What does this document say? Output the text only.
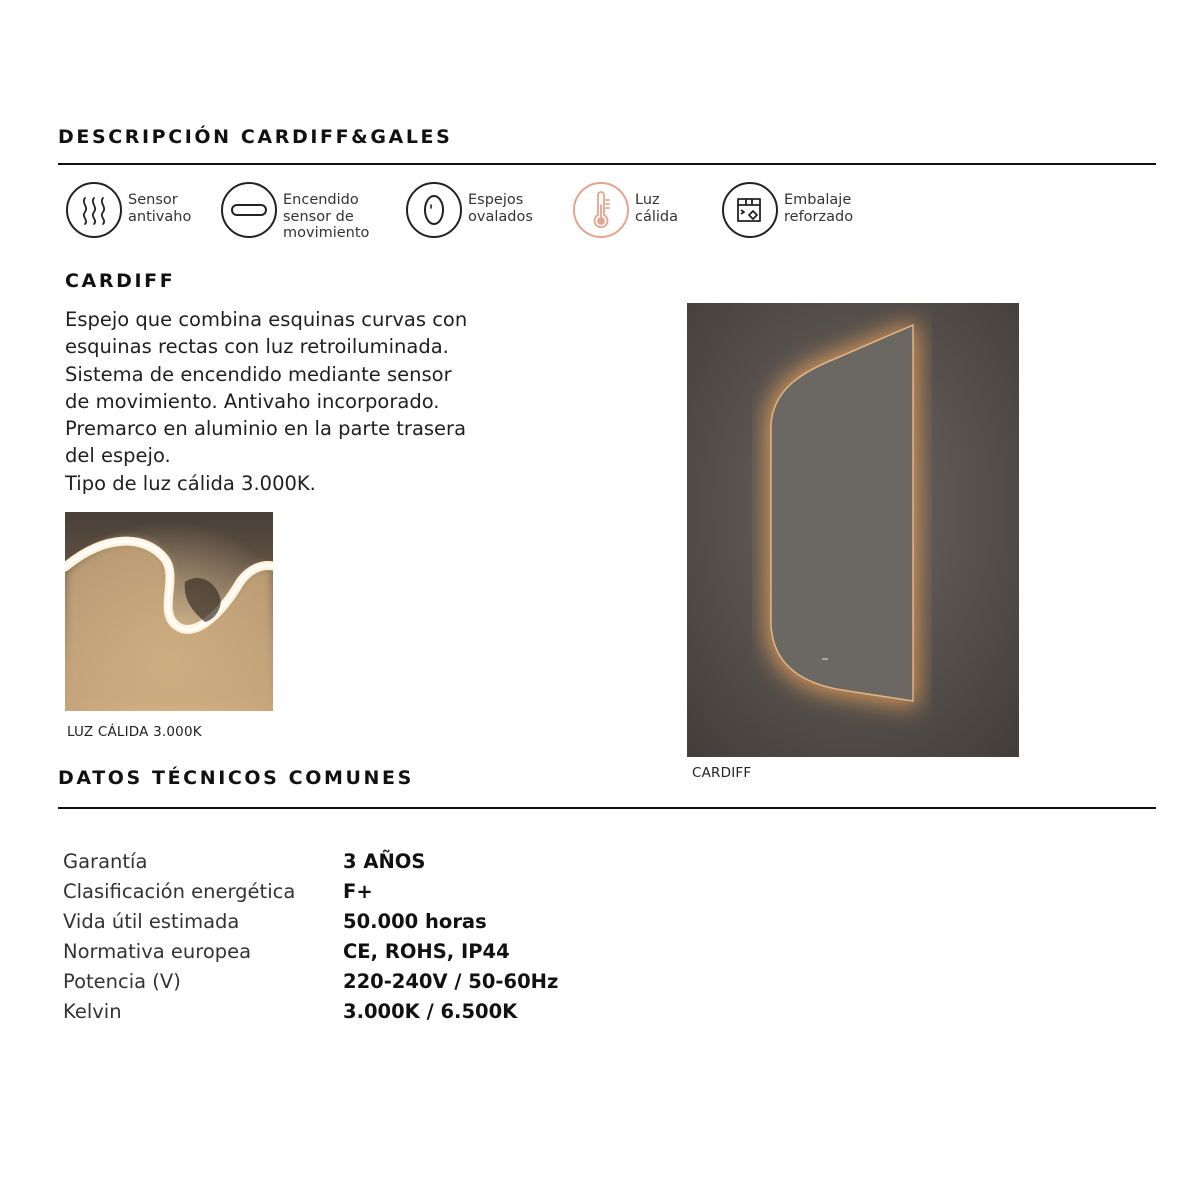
DESCRIPCIÓN CARDIFF&GALES
Sensor
antivaho
Encendido
sensor de
movimiento
Espejos
ovalados
Luz
cálida
Embalaje
reforzado
CARDIFF

Espejo que combina esquinas curvas con

esquinas rectas con luz retroiluminada.

Sistema de encendido mediante sensor

de movimiento. Antivaho incorporado.

Premarco en aluminio en la parte trasera

del espejo.

Tipo de luz cálida 3.000K.

LUZ CÁLIDA 3.000K
CARDIFF
DATOS TÉCNICOS COMUNES
Garantía	3 AÑOS
Clasificación energética	F+
Vida útil estimada	50.000 horas
Normativa europea	CE, ROHS, IP44
Potencia (V)	220-240V / 50-60Hz
Kelvin	3.000K / 6.500K
